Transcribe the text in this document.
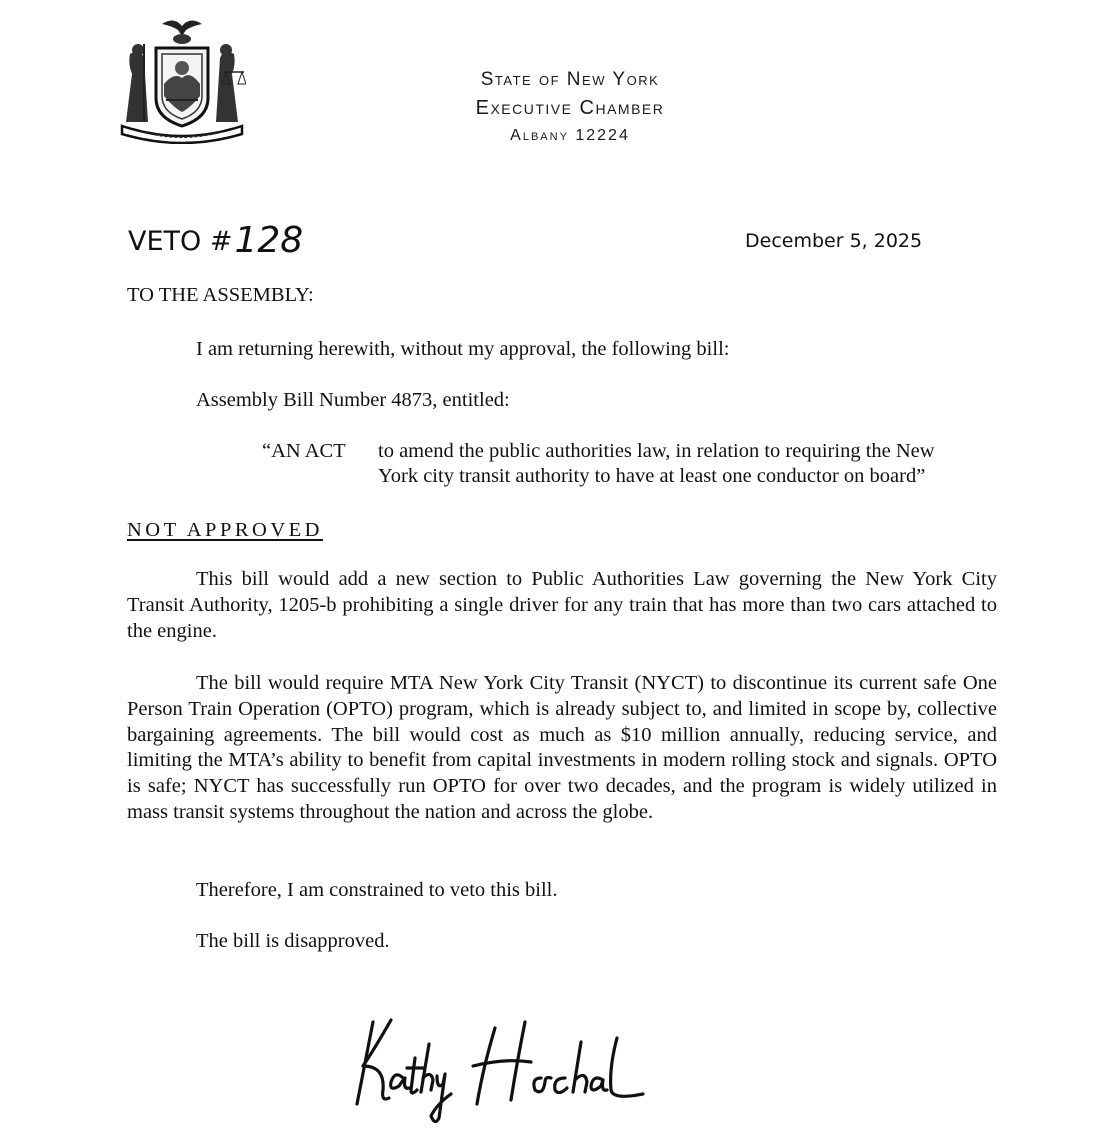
State of New York
Executive Chamber
Albany 12224
VETO #128	December 5, 2025
TO THE ASSEMBLY:
I am returning herewith, without my approval, the following bill:
Assembly Bill Number 4873, entitled:
“AN ACT to amend the public authorities law, in relation to requiring the New
York city transit authority to have at least one conductor on board”
NOT APPROVED
This bill would add a new section to Public Authorities Law governing the New York City Transit Authority, 1205-b prohibiting a single driver for any train that has more than two cars attached to the engine.
The bill would require MTA New York City Transit (NYCT) to discontinue its current safe One Person Train Operation (OPTO) program, which is already subject to, and limited in scope by, collective bargaining agreements. The bill would cost as much as $10 million annually, reducing service, and limiting the MTA’s ability to benefit from capital investments in modern rolling stock and signals. OPTO is safe; NYCT has successfully run OPTO for over two decades, and the program is widely utilized in mass transit systems throughout the nation and across the globe.
Therefore, I am constrained to veto this bill.
The bill is disapproved.
